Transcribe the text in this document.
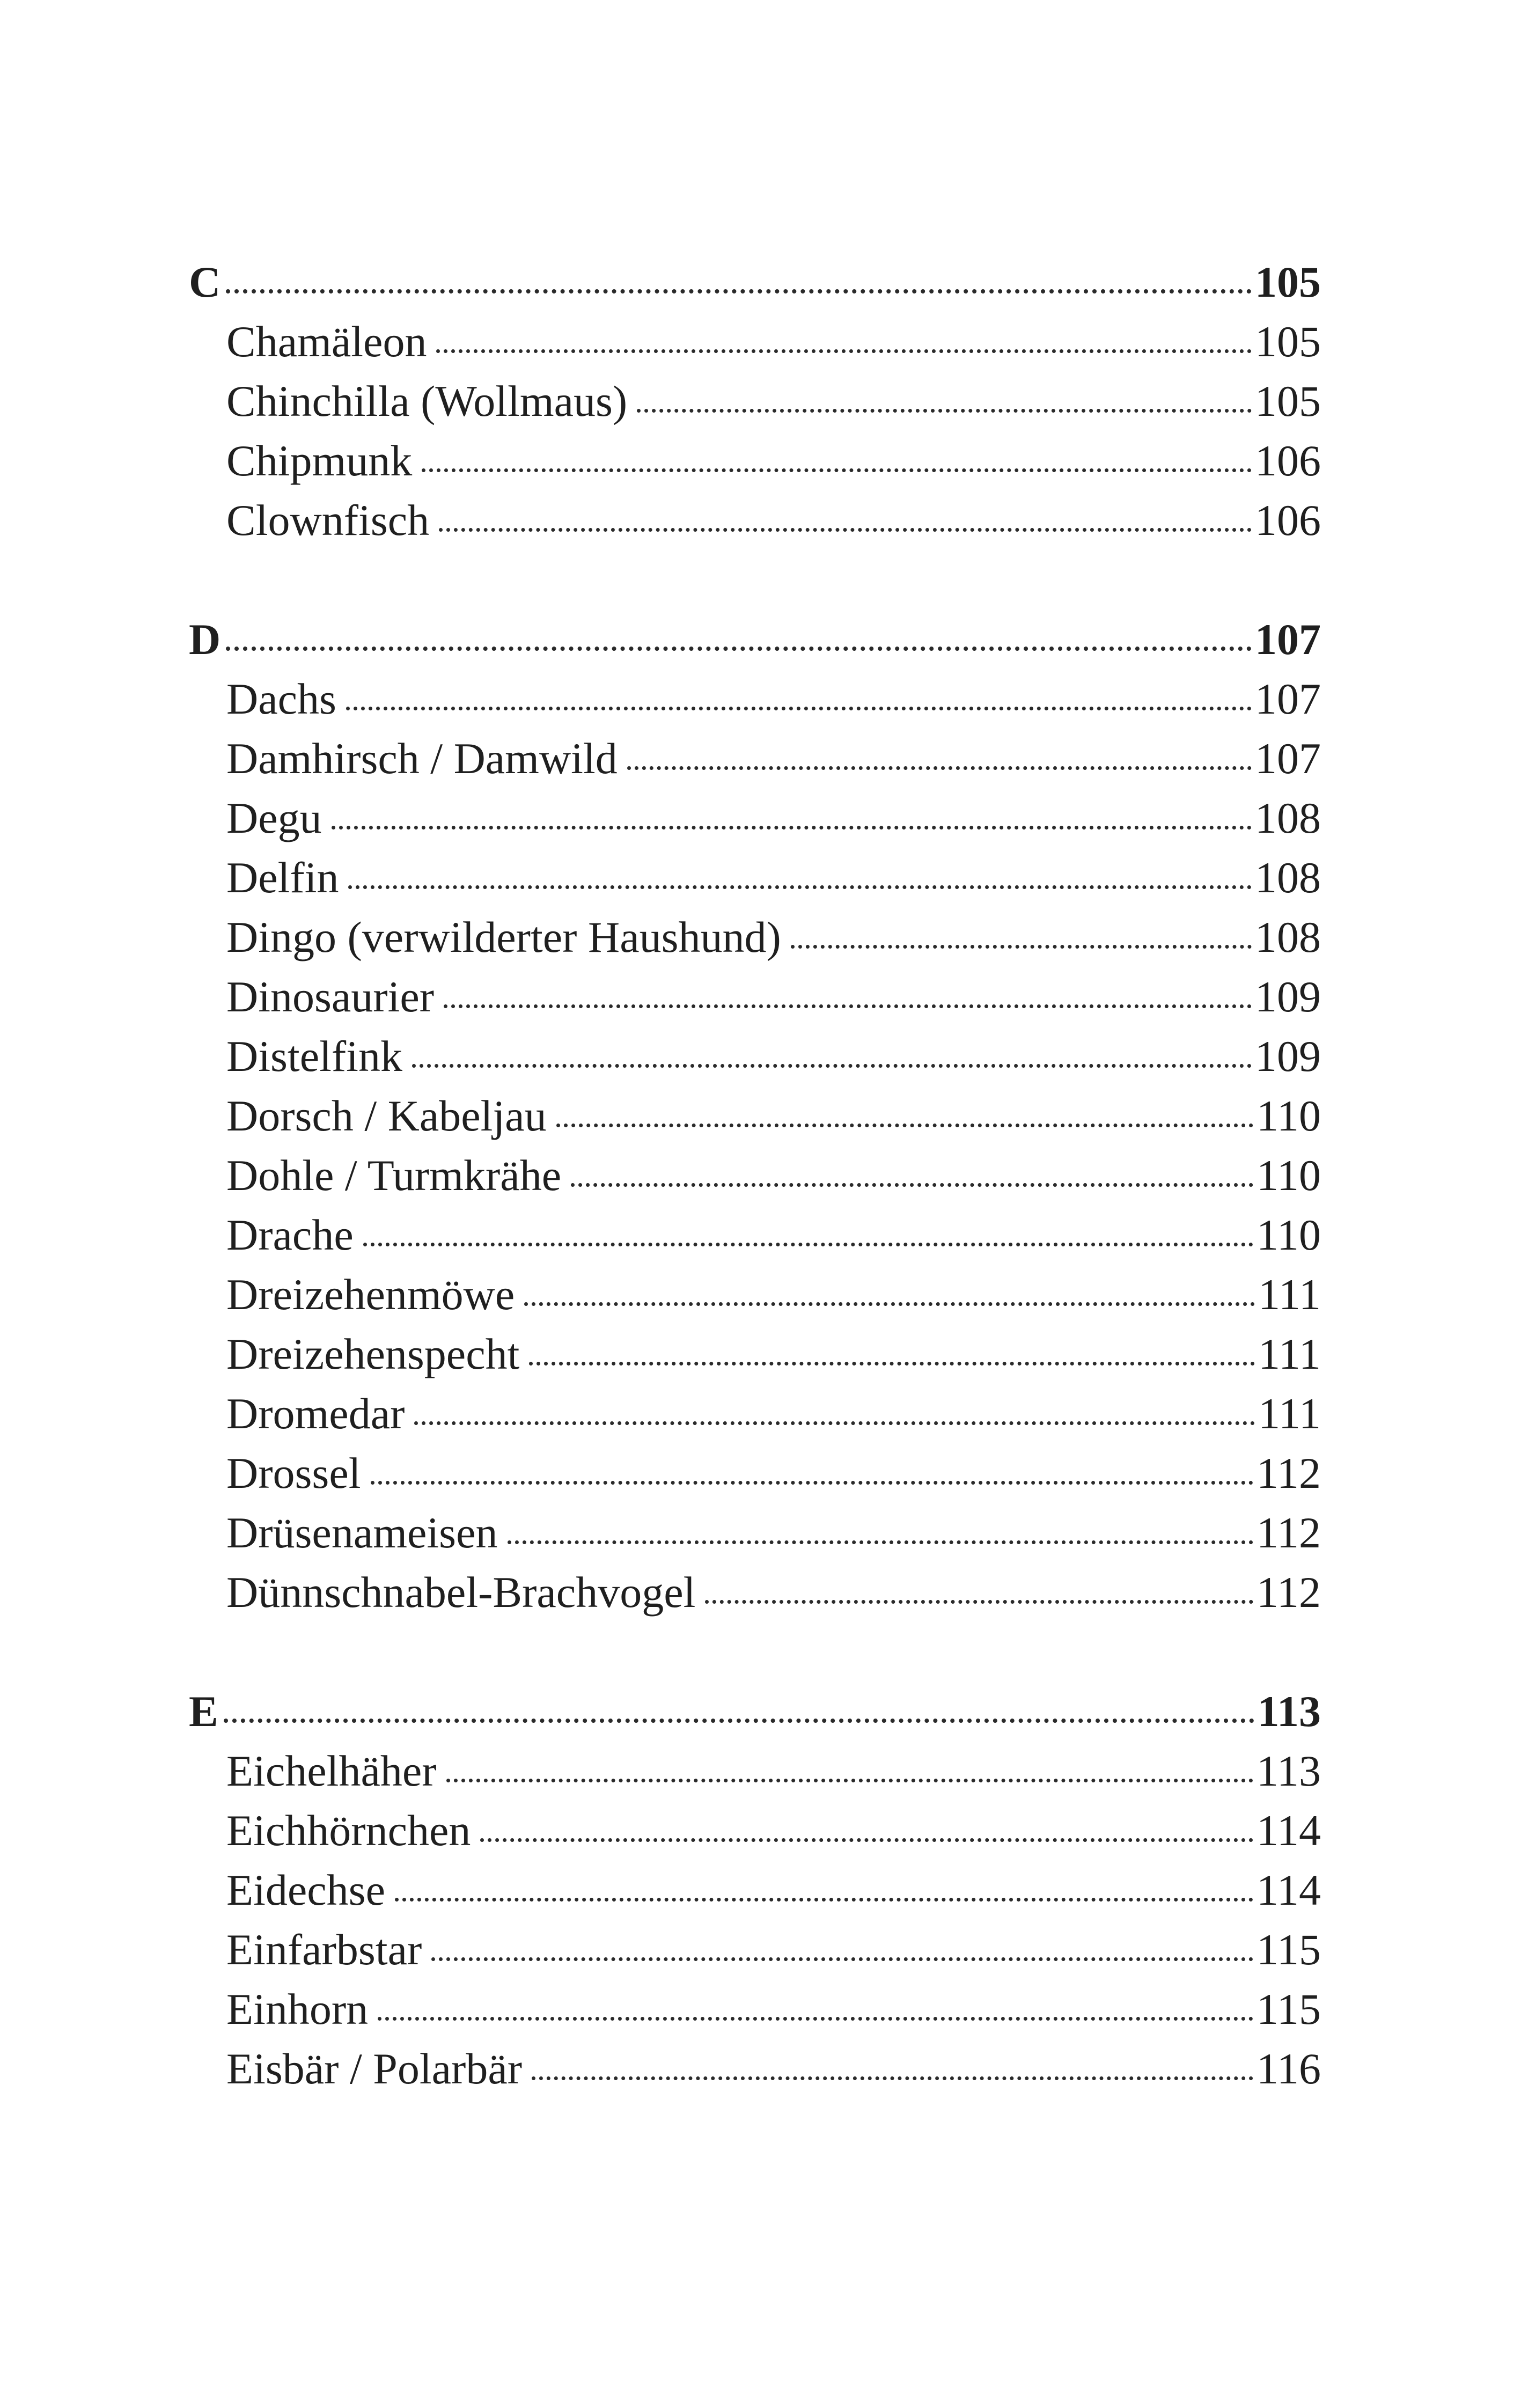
C	105
Chamäleon	105
Chinchilla (Wollmaus)	105
Chipmunk	106
Clownfisch	106
D	107
Dachs	107
Damhirsch / Damwild	107
Degu	108
Delfin	108
Dingo (verwilderter Haushund)	108
Dinosaurier	109
Distelfink	109
Dorsch / Kabeljau	110
Dohle / Turmkrähe	110
Drache	110
Dreizehenmöwe	111
Dreizehenspecht	111
Dromedar	111
Drossel	112
Drüsenameisen	112
Dünnschnabel-Brachvogel	112
E	113
Eichelhäher	113
Eichhörnchen	114
Eidechse	114
Einfarbstar	115
Einhorn	115
Eisbär / Polarbär	116
